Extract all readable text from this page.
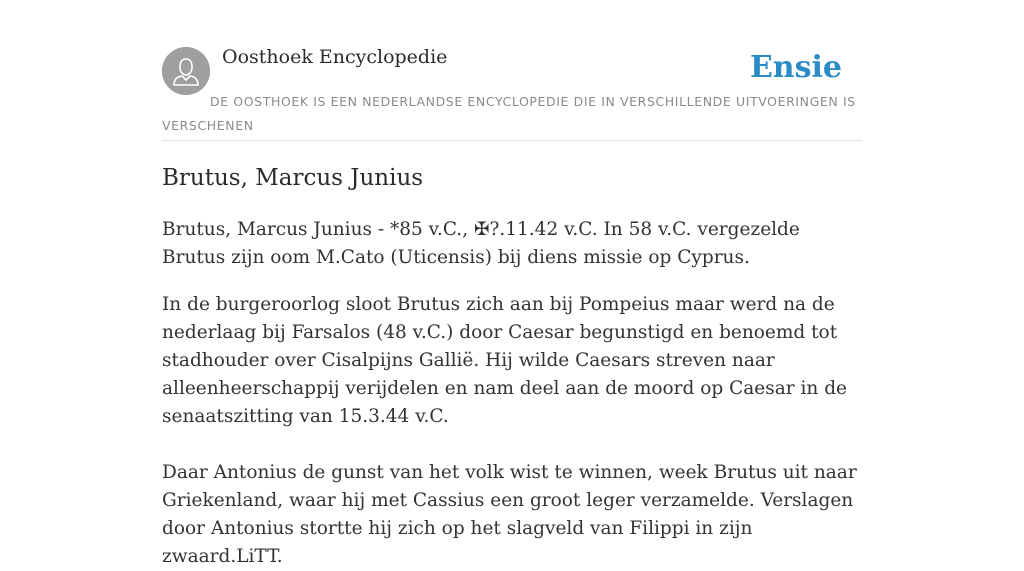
Oosthoek Encyclopedie	Ensie
DE OOSTHOEK IS EEN NEDERLANDSE ENCYCLOPEDIE DIE IN VERSCHILLENDE UITVOERINGEN IS VERSCHENEN
Brutus, Marcus Junius

Brutus, Marcus Junius - *85 v.C., ✠?.11.42 v.C. In 58 v.C. vergezelde Brutus zijn oom M.Cato (Uticensis) bij diens missie op Cyprus.

In de burgeroorlog sloot Brutus zich aan bij Pompeius maar werd na de nederlaag bij Farsalos (48 v.C.) door Caesar begunstigd en benoemd tot stadhouder over Cisalpijns Gallië. Hij wilde Caesars streven naar alleenheerschappij verijdelen en nam deel aan de moord op Caesar in de senaatszitting van 15.3.44 v.C.

Daar Antonius de gunst van het volk wist te winnen, week Brutus uit naar Griekenland, waar hij met Cassius een groot leger verzamelde. Verslagen door Antonius stortte hij zich op het slagveld van Filippi in zijn zwaard.LiTT.
